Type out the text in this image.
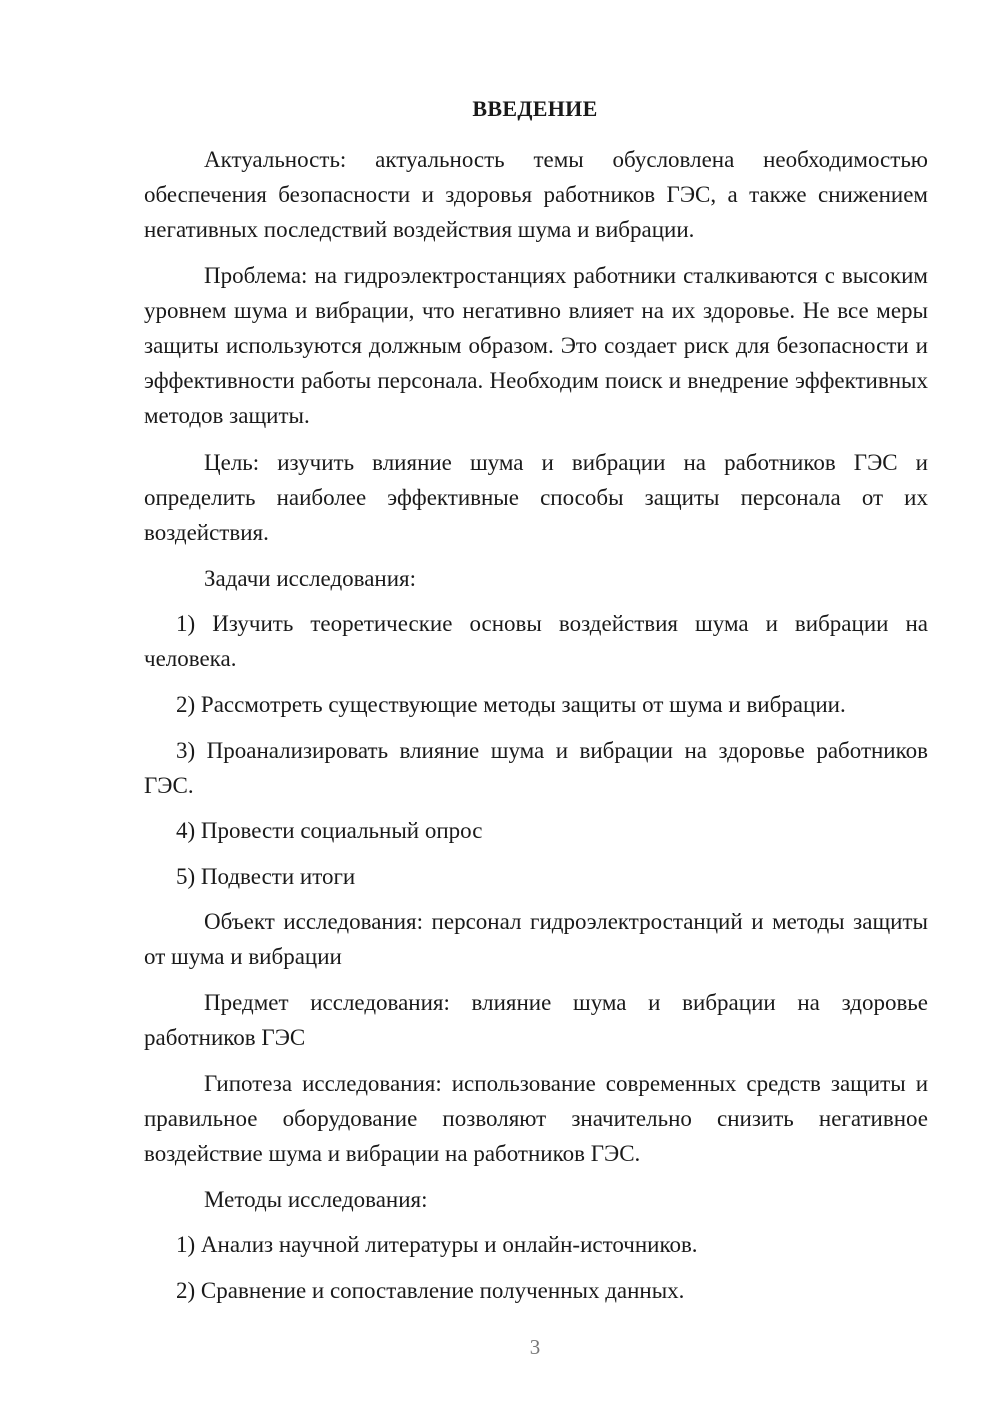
ВВЕДЕНИЕ

Актуальность: актуальность темы обусловлена необходимостью обеспечения безопасности и здоровья работников ГЭС, а также снижением негативных последствий воздействия шума и вибрации.

Проблема: на гидроэлектростанциях работники сталкиваются с высоким уровнем шума и вибрации, что негативно влияет на их здоровье. Не все меры защиты используются должным образом. Это создает риск для безопасности и эффективности работы персонала. Необходим поиск и внедрение эффективных методов защиты.

Цель: изучить влияние шума и вибрации на работников ГЭС и определить наиболее эффективные способы защиты персонала от их воздействия.

Задачи исследования:

1) Изучить теоретические основы воздействия шума и вибрации на человека.

2) Рассмотреть существующие методы защиты от шума и вибрации.

3) Проанализировать влияние шума и вибрации на здоровье работников ГЭС.

4) Провести социальный опрос

5) Подвести итоги

Объект исследования: персонал гидроэлектростанций и методы защиты от шума и вибрации

Предмет исследования: влияние шума и вибрации на здоровье работников ГЭС

Гипотеза исследования: использование современных средств защиты и правильное оборудование позволяют значительно снизить негативное воздействие шума и вибрации на работников ГЭС.

Методы исследования:

1) Анализ научной литературы и онлайн-источников.

2) Сравнение и сопоставление полученных данных.

3
